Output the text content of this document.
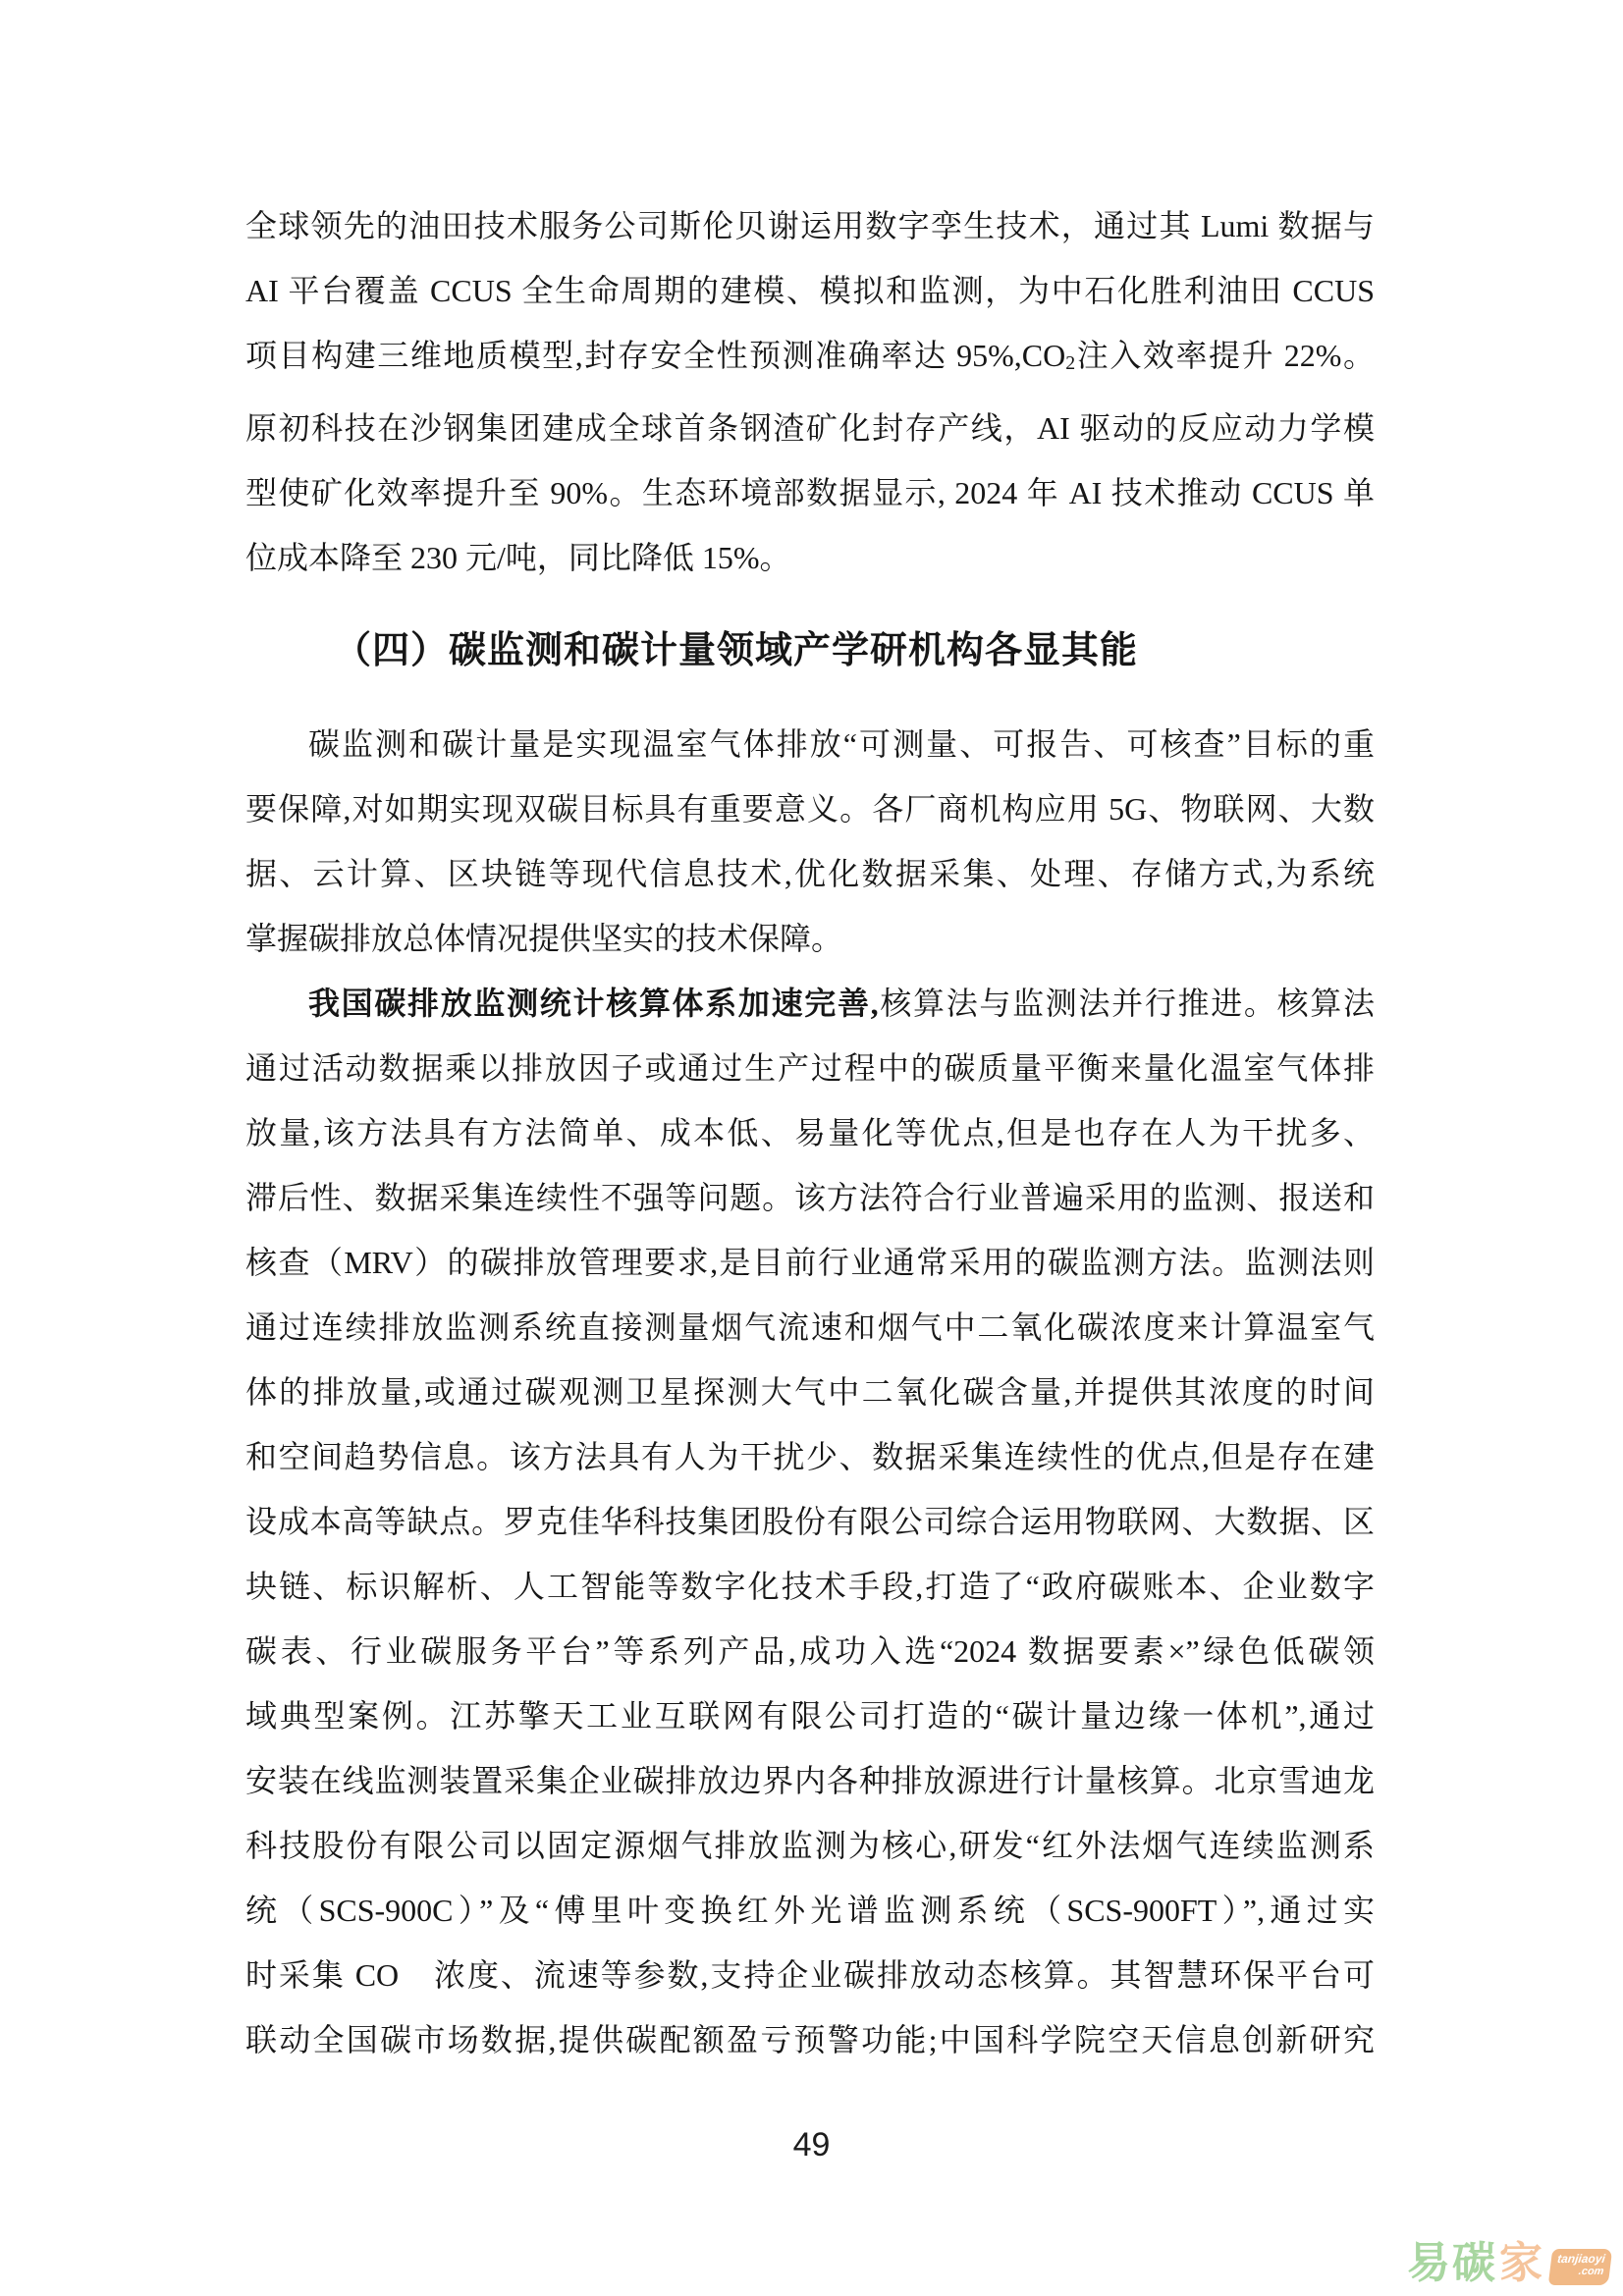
全球领先的油田技术服务公司斯伦贝谢运用数字孪生技术，通过其 Lumi 数据与
AI 平台覆盖 CCUS 全生命周期的建模、模拟和监测，为中石化胜利油田 CCUS
项目构建三维地质模型,封存安全性预测准确率达 95%,CO2注入效率提升 22%。
原初科技在沙钢集团建成全球首条钢渣矿化封存产线，AI 驱动的反应动力学模
型使矿化效率提升至 90%。生态环境部数据显示, 2024 年 AI 技术推动 CCUS 单
位成本降至 230 元/吨，同比降低 15%。
（四）碳监测和碳计量领域产学研机构各显其能
碳监测和碳计量是实现温室气体排放“可测量、可报告、可核查”目标的重
要保障,对如期实现双碳目标具有重要意义。各厂商机构应用 5G、物联网、大数
据、云计算、区块链等现代信息技术,优化数据采集、处理、存储方式,为系统
掌握碳排放总体情况提供坚实的技术保障。
我国碳排放监测统计核算体系加速完善,核算法与监测法并行推进。核算法
通过活动数据乘以排放因子或通过生产过程中的碳质量平衡来量化温室气体排
放量,该方法具有方法简单、成本低、易量化等优点,但是也存在人为干扰多、
滞后性、数据采集连续性不强等问题。该方法符合行业普遍采用的监测、报送和
核查（MRV）的碳排放管理要求,是目前行业通常采用的碳监测方法。监测法则
通过连续排放监测系统直接测量烟气流速和烟气中二氧化碳浓度来计算温室气
体的排放量,或通过碳观测卫星探测大气中二氧化碳含量,并提供其浓度的时间
和空间趋势信息。该方法具有人为干扰少、数据采集连续性的优点,但是存在建
设成本高等缺点。罗克佳华科技集团股份有限公司综合运用物联网、大数据、区
块链、标识解析、人工智能等数字化技术手段,打造了“政府碳账本、企业数字
碳表、行业碳服务平台”等系列产品,成功入选“2024 数据要素×”绿色低碳领
域典型案例。江苏擎天工业互联网有限公司打造的“碳计量边缘一体机”,通过
安装在线监测装置采集企业碳排放边界内各种排放源进行计量核算。北京雪迪龙
科技股份有限公司以固定源烟气排放监测为核心,研发“红外法烟气连续监测系
统（SCS-900C）”及“傅里叶变换红外光谱监测系统（SCS-900FT）”,通过实
时采集 CO　浓度、流速等参数,支持企业碳排放动态核算。其智慧环保平台可
联动全国碳市场数据,提供碳配额盈亏预警功能;中国科学院空天信息创新研究
49
易碳 家	tanjiaoyi
.com
